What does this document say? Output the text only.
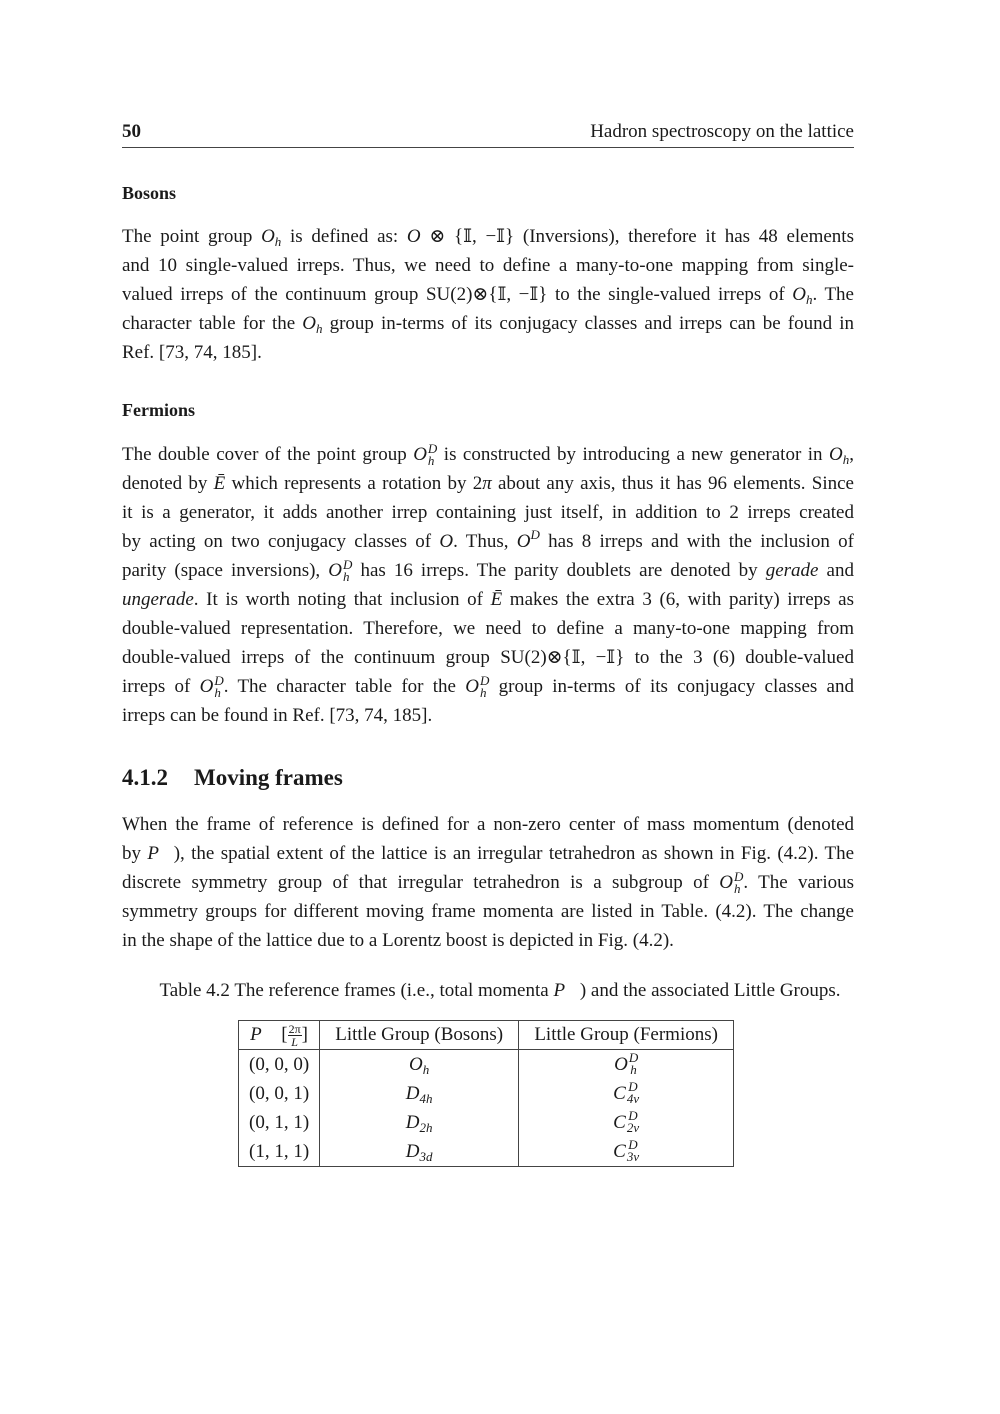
50	Hadron spectroscopy on the lattice
Bosons
The point group $O_h$ is defined as: O ⊗ {𝕀, −𝕀} (Inversions), therefore it has 48 elements
and 10 single-valued irreps. Thus, we need to define a many-to-one mapping from single-
valued irreps of the continuum group SU(2)⊗{𝕀, −𝕀} to the single-valued irreps of $O_h$. The
character table for the $O_h$ group in-terms of its conjugacy classes and irreps can be found in
Ref. [73, 74, 185].
Fermions
The double cover of the point group O D
h is constructed by introducing a new generator in $O_h$,
denoted by Ē which represents a rotation by 2π about any axis, thus it has 96 elements. Since
it is a generator, it adds another irrep containing just itself, in addition to 2 irreps created
by acting on two conjugacy classes of O. Thus, $O^D$ has 8 irreps and with the inclusion of
parity (space inversions), O D
h has 16 irreps. The parity doublets are denoted by gerade and
ungerade. It is worth noting that inclusion of Ē makes the extra 3 (6, with parity) irreps as
double-valued representation. Therefore, we need to define a many-to-one mapping from
double-valued irreps of the continuum group SU(2)⊗{𝕀, −𝕀} to the 3 (6) double-valued
irreps of O D
h . The character table for the O D
h group in-terms of its conjugacy classes and
irreps can be found in Ref. [73, 74, 185].
4.1.2 Moving frames
When the frame of reference is defined for a non-zero center of mass momentum (denoted
by P⃗), the spatial extent of the lattice is an irregular tetrahedron as shown in Fig. (4.2). The
discrete symmetry group of that irregular tetrahedron is a subgroup of O D
h . The various
symmetry groups for different moving frame momenta are listed in Table. (4.2). The change
in the shape of the lattice due to a Lorentz boost is depicted in Fig. (4.2).
Table 4.2 The reference frames (i.e., total momenta P⃗) and the associated Little Groups.
P⃗ [ $\frac{2\pi}{L}$ ]	Little Group (Bosons)	Little Group (Fermions)
(0, 0, 0)	$O_h$	O D
h

(0, 0, 1)	$D_{4h}$	C D
4v

(0, 1, 1)	$D_{2h}$	C D
2v

(1, 1, 1)	$D_{3d}$	C D
3v
